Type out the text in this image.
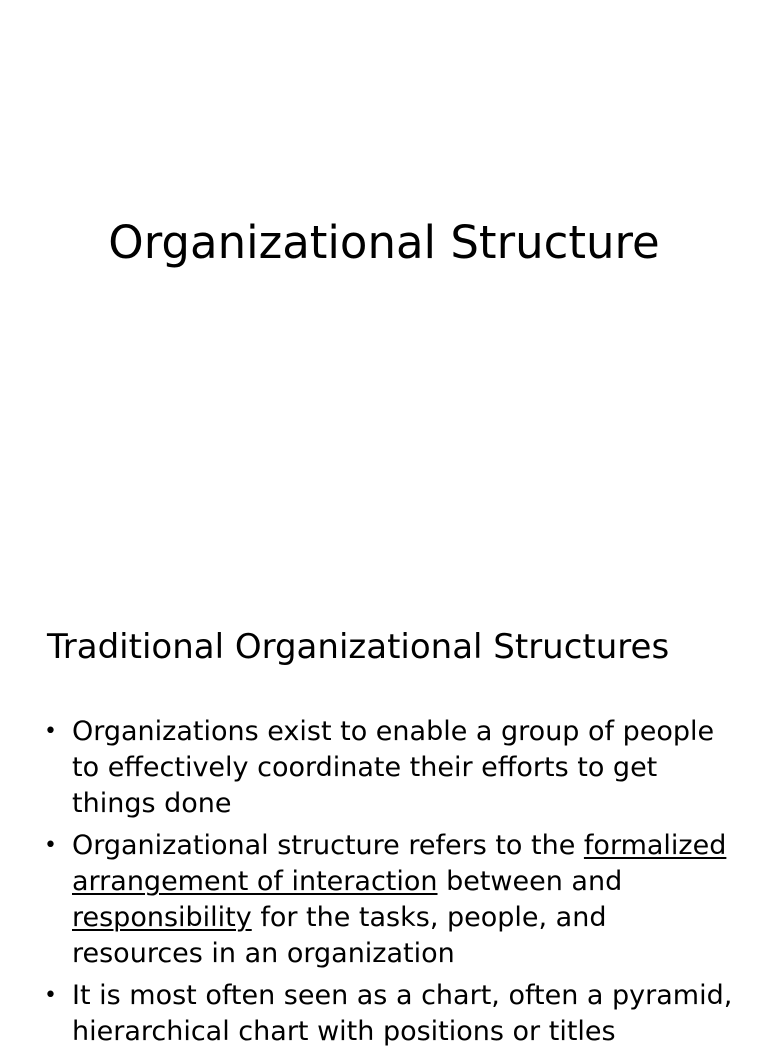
Organizational Structure
Traditional Organizational Structures
• Organizations exist to enable a group of people to effectively coordinate their efforts to get things done
• Organizational structure refers to the formalized arrangement of interaction between and responsibility for the tasks, people, and resources in an organization
• It is most often seen as a chart, often a pyramid, hierarchical chart with positions or titles
